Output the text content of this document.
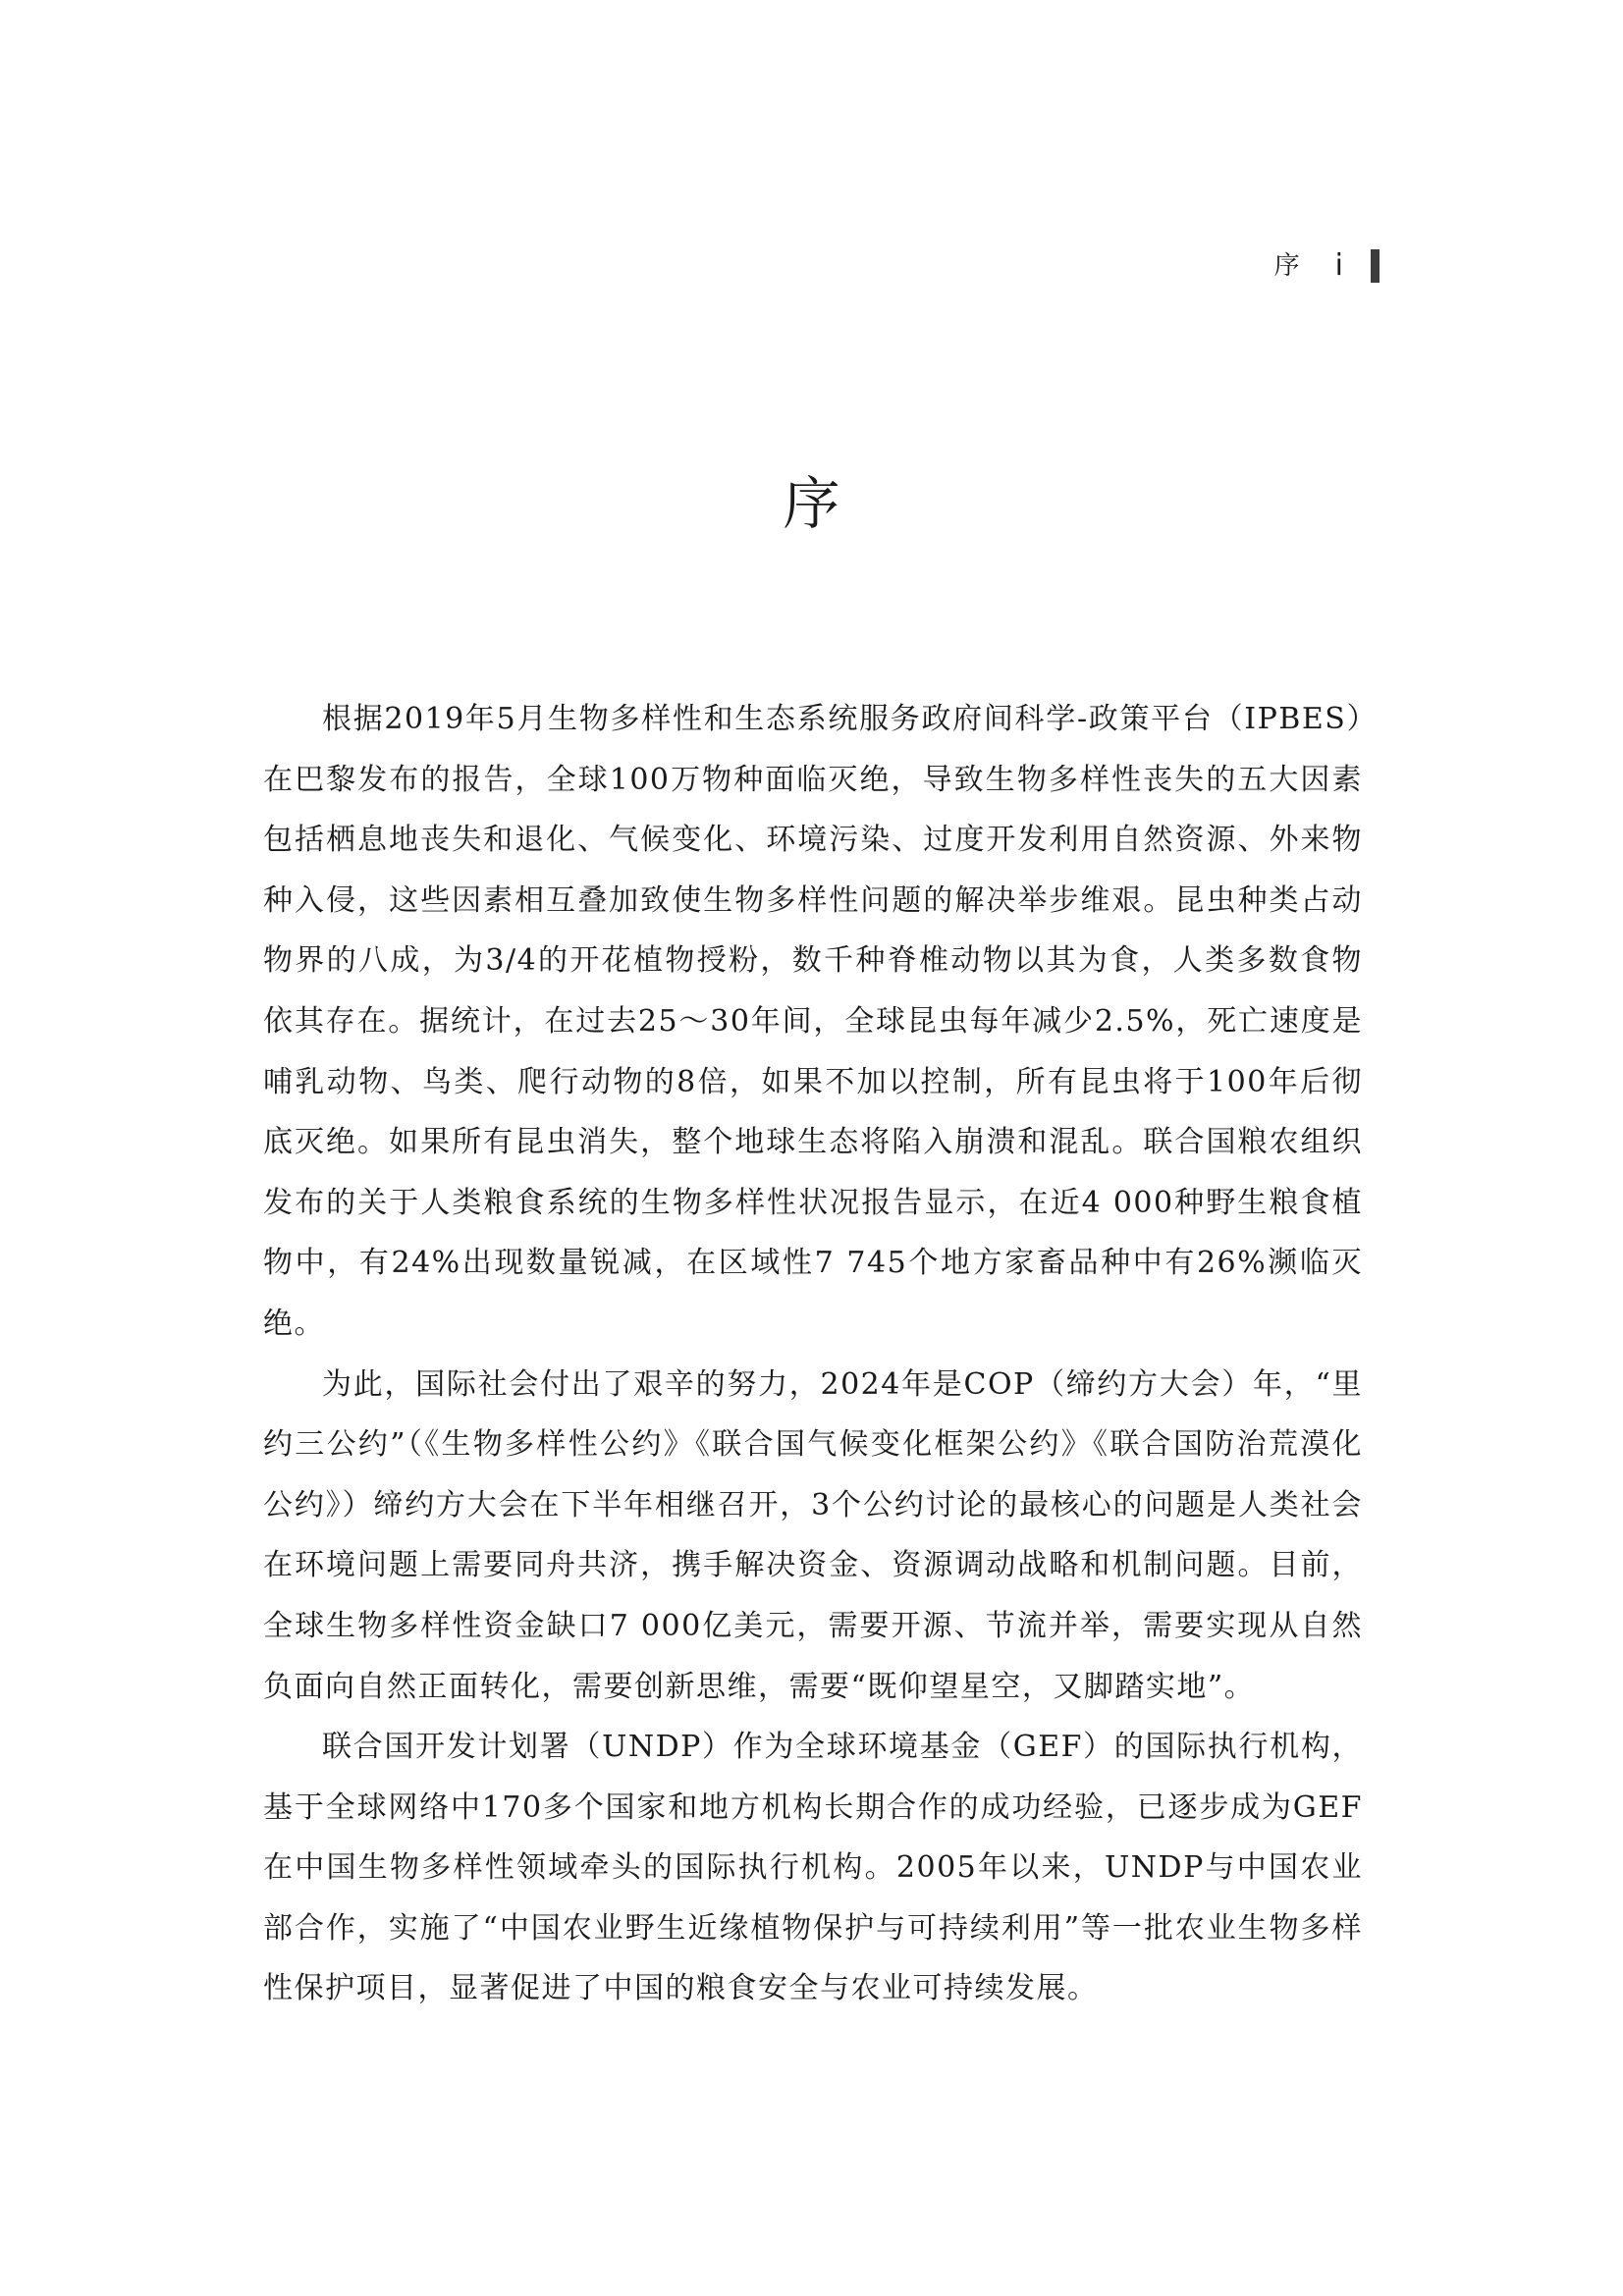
序 i
序

根据2019年5月生物多样性和生态系统服务政府间科学-政策平台（IPBES）在巴黎发布的报告，全球100万物种面临灭绝，导致生物多样性丧失的五大因素包括栖息地丧失和退化、气候变化、环境污染、过度开发利用自然资源、外来物种入侵，这些因素相互叠加致使生物多样性问题的解决举步维艰。昆虫种类占动物界的八成，为3/4的开花植物授粉，数千种脊椎动物以其为食，人类多数食物依其存在。据统计，在过去25～30年间，全球昆虫每年减少2.5%，死亡速度是哺乳动物、鸟类、爬行动物的8倍，如果不加以控制，所有昆虫将于100年后彻底灭绝。如果所有昆虫消失，整个地球生态将陷入崩溃和混乱。联合国粮农组织发布的关于人类粮食系统的生物多样性状况报告显示，在近4 000种野生粮食植物中，有24%出现数量锐减，在区域性7 745个地方家畜品种中有26%濒临灭绝。

为此，国际社会付出了艰辛的努力，2024年是COP（缔约方大会）年，“里约三公约”（《生物多样性公约》《联合国气候变化框架公约》《联合国防治荒漠化公约》）缔约方大会在下半年相继召开，3个公约讨论的最核心的问题是人类社会在环境问题上需要同舟共济，携手解决资金、资源调动战略和机制问题。目前，全球生物多样性资金缺口7 000亿美元，需要开源、节流并举，需要实现从自然负面向自然正面转化，需要创新思维，需要“既仰望星空，又脚踏实地”。

联合国开发计划署（UNDP）作为全球环境基金（GEF）的国际执行机构，基于全球网络中170多个国家和地方机构长期合作的成功经验，已逐步成为GEF在中国生物多样性领域牵头的国际执行机构。2005年以来，UNDP与中国农业部合作，实施了“中国农业野生近缘植物保护与可持续利用”等一批农业生物多样性保护项目，显著促进了中国的粮食安全与农业可持续发展。
